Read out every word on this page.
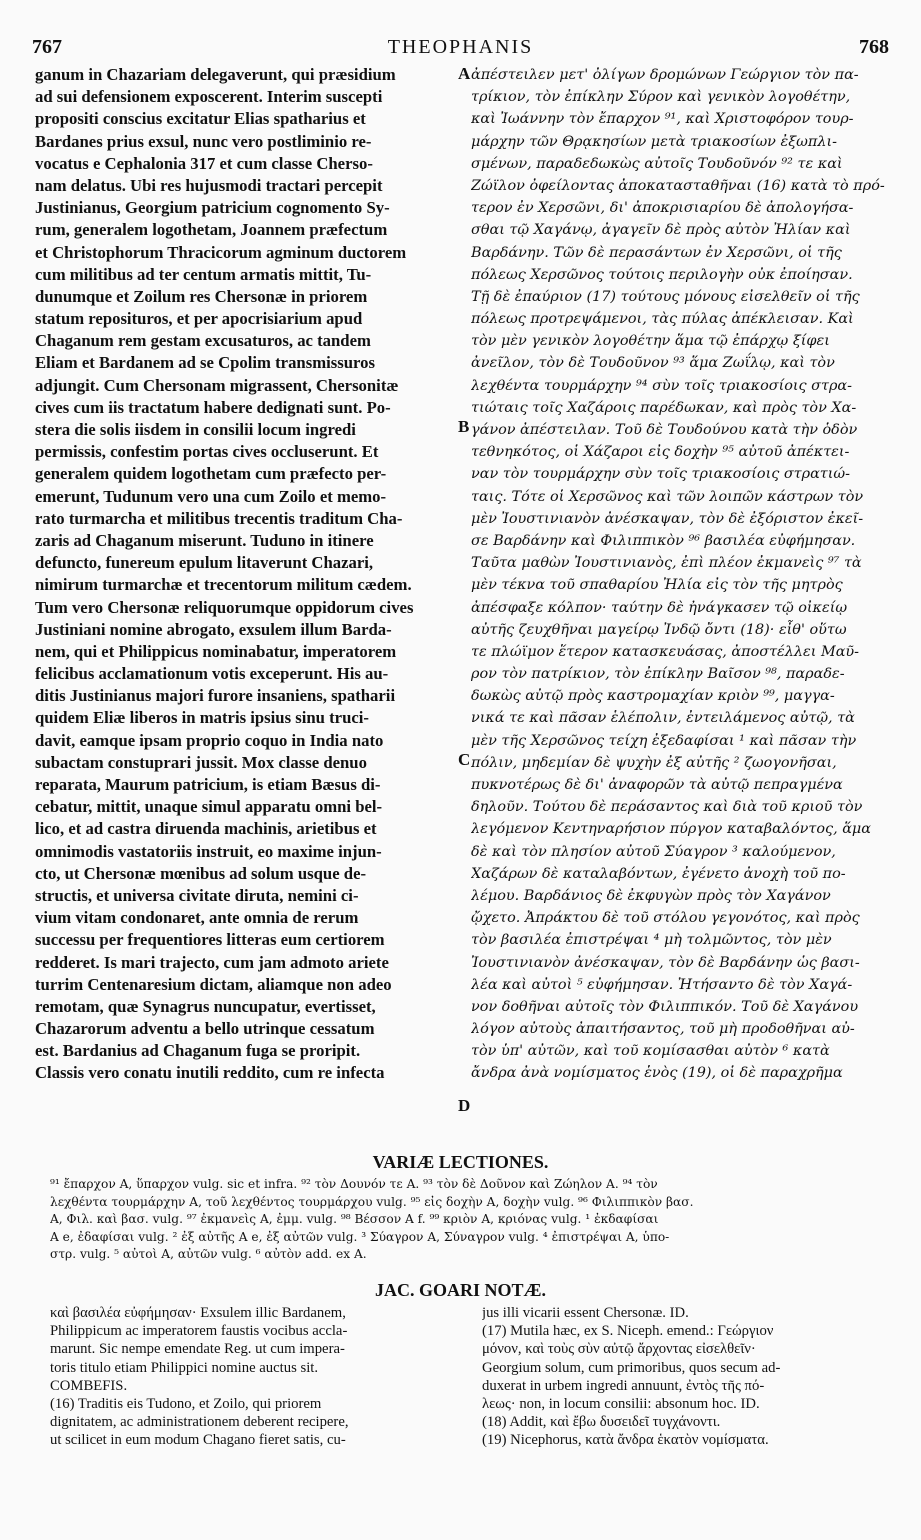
767	THEOPHANIS	768
ganum in Chazariam delegaverunt, qui præsidium
ad sui defensionem exposcerent. Interim suscepti
propositi conscius excitatur Elias spatharius et
Bardanes prius exsul, nunc vero postliminio re-
vocatus e Cephalonia 317 et cum classe Cherso-
nam delatus. Ubi res hujusmodi tractari percepit
Justinianus, Georgium patricium cognomento Sy-
rum, generalem logothetam, Joannem præfectum
et Christophorum Thracicorum agminum ductorem
cum militibus ad ter centum armatis mittit, Tu-
dunumque et Zoilum res Chersonæ in priorem
statum reposituros, et per apocrisiarium apud
Chaganum rem gestam excusaturos, ac tandem
Eliam et Bardanem ad se Cpolim transmissuros
adjungit. Cum Chersonam migrassent, Chersonitæ
cives cum iis tractatum habere dedignati sunt. Po-
stera die solis iisdem in consilii locum ingredi
permissis, confestim portas cives occluserunt. Et
generalem quidem logothetam cum præfecto per-
emerunt, Tudunum vero una cum Zoilo et memo-
rato turmarcha et militibus trecentis traditum Cha-
zaris ad Chaganum miserunt. Tuduno in itinere
defuncto, funereum epulum litaverunt Chazari,
nimirum turmarchæ et trecentorum militum cædem.
Tum vero Chersonæ reliquorumque oppidorum cives
Justiniani nomine abrogato, exsulem illum Barda-
nem, qui et Philippicus nominabatur, imperatorem
felicibus acclamationum votis exceperunt. His au-
ditis Justinianus majori furore insaniens, spatharii
quidem Eliæ liberos in matris ipsius sinu truci-
davit, eamque ipsam proprio coquo in India nato
subactam constuprari jussit. Mox classe denuo
reparata, Maurum patricium, is etiam Bæsus di-
cebatur, mittit, unaque simul apparatu omni bel-
lico, et ad castra diruenda machinis, arietibus et
omnimodis vastatoriis instruit, eo maxime injun-
cto, ut Chersonæ mœnibus ad solum usque de-
structis, et universa civitate diruta, nemini ci-
vium vitam condonaret, ante omnia de rerum
successu per frequentiores litteras eum certiorem
redderet. Is mari trajecto, cum jam admoto ariete
turrim Centenaresium dictam, aliamque non adeo
remotam, quæ Synagrus nuncupatur, evertisset,
Chazarorum adventu a bello utrinque cessatum
est. Bardanius ad Chaganum fuga se proripit.
Classis vero conatu inutili reddito, cum re infecta
ἀπέστειλεν μετ' ὀλίγων δρομώνων Γεώργιον τὸν πα-
τρίκιον, τὸν ἐπίκλην Σύρον καὶ γενικὸν λογοθέτην,
καὶ Ἰωάννην τὸν ἔπαρχον ⁹¹, καὶ Χριστοφόρον τουρ-
μάρχην τῶν Θρᾳκησίων μετὰ τριακοσίων ἐξωπλι-
σμένων, παραδεδωκὼς αὐτοῖς Τουδοῦνόν ⁹² τε καὶ
Ζώϊλον ὀφείλοντας ἀποκατασταθῆναι (16) κατὰ τὸ πρό-
τερον ἐν Χερσῶνι, δι' ἀποκρισιαρίου δὲ ἀπολογήσα-
σθαι τῷ Χαγάνῳ, ἀγαγεῖν δὲ πρὸς αὐτὸν Ἠλίαν καὶ
Βαρδάνην. Τῶν δὲ περασάντων ἐν Χερσῶνι, οἱ τῆς
πόλεως Χερσῶνος τούτοις περιλογὴν οὐκ ἐποίησαν.
Τῇ δὲ ἐπαύριον (17) τούτους μόνους εἰσελθεῖν οἱ τῆς
πόλεως προτρεψάμενοι, τὰς πύλας ἀπέκλεισαν. Καὶ
τὸν μὲν γενικὸν λογοθέτην ἅμα τῷ ἐπάρχῳ ξίφει
ἀνεῖλον, τὸν δὲ Τουδοῦνον ⁹³ ἅμα Ζωΐλῳ, καὶ τὸν
λεχθέντα τουρμάρχην ⁹⁴ σὺν τοῖς τριακοσίοις στρα-
τιώταις τοῖς Χαζάροις παρέδωκαν, καὶ πρὸς τὸν Χα-
γάνον ἀπέστειλαν. Τοῦ δὲ Τουδούνου κατὰ τὴν ὁδὸν
τεθνηκότος, οἱ Χάζαροι εἰς δοχὴν ⁹⁵ αὐτοῦ ἀπέκτει-
ναν τὸν τουρμάρχην σὺν τοῖς τριακοσίοις στρατιώ-
ταις. Τότε οἱ Χερσῶνος καὶ τῶν λοιπῶν κάστρων τὸν
μὲν Ἰουστινιανὸν ἀνέσκαψαν, τὸν δὲ ἐξόριστον ἐκεῖ-
σε Βαρδάνην καὶ Φιλιππικὸν ⁹⁶ βασιλέα εὐφήμησαν.
Ταῦτα μαθὼν Ἰουστινιανὸς, ἐπὶ πλέον ἐκμανεὶς ⁹⁷ τὰ
μὲν τέκνα τοῦ σπαθαρίου Ἠλία εἰς τὸν τῆς μητρὸς
ἀπέσφαξε κόλπον· ταύτην δὲ ἠνάγκασεν τῷ οἰκείῳ
αὐτῆς ζευχθῆναι μαγείρῳ Ἰνδῷ ὄντι (18)· εἶθ' οὕτω
τε πλώϊμον ἕτερον κατασκευάσας, ἀποστέλλει Μαῦ-
ρον τὸν πατρίκιον, τὸν ἐπίκλην Βαῖσον ⁹⁸, παραδε-
δωκὼς αὐτῷ πρὸς καστρομαχίαν κριὸν ⁹⁹, μαγγα-
νικά τε καὶ πᾶσαν ἑλέπολιν, ἐντειλάμενος αὐτῷ, τὰ
μὲν τῆς Χερσῶνος τείχη ἐξεδαφίσαι ¹ καὶ πᾶσαν τὴν
πόλιν, μηδεμίαν δὲ ψυχὴν ἐξ αὐτῆς ² ζωογονῆσαι,
πυκνοτέρως δὲ δι' ἀναφορῶν τὰ αὐτῷ πεπραγμένα
δηλοῦν. Τούτου δὲ περάσαντος καὶ διὰ τοῦ κριοῦ τὸν
λεγόμενον Κεντηναρήσιον πύργον καταβαλόντος, ἅμα
δὲ καὶ τὸν πλησίον αὐτοῦ Σύαγρον ³ καλούμενον,
Χαζάρων δὲ καταλαβόντων, ἐγένετο ἀνοχὴ τοῦ πο-
λέμου. Βαρδάνιος δὲ ἐκφυγὼν πρὸς τὸν Χαγάνον
ᾤχετο. Ἀπράκτου δὲ τοῦ στόλου γεγονότος, καὶ πρὸς
τὸν βασιλέα ἐπιστρέψαι ⁴ μὴ τολμῶντος, τὸν μὲν
Ἰουστινιανὸν ἀνέσκαψαν, τὸν δὲ Βαρδάνην ὡς βασι-
λέα καὶ αὐτοὶ ⁵ εὐφήμησαν. Ἠτήσαντο δὲ τὸν Χαγά-
νον δοθῆναι αὐτοῖς τὸν Φιλιππικόν. Τοῦ δὲ Χαγάνου
λόγον αὐτοὺς ἀπαιτήσαντος, τοῦ μὴ προδοθῆναι αὐ-
τὸν ὑπ' αὐτῶν, καὶ τοῦ κομίσασθαι αὐτὸν ⁶ κατὰ
ἄνδρα ἀνὰ νομίσματος ἑνὸς (19), οἱ δὲ παραχρῆμα
A
B
C
D
VARIÆ LECTIONES.
⁹¹ ἔπαρχον A, ὕπαρχον vulg. sic et infra. ⁹² τὸν Δουνόν τε A. ⁹³ τὸν δὲ Δοῦνον καὶ Ζώηλον A. ⁹⁴ τὸν
λεχθέντα τουρμάρχην A, τοῦ λεχθέντος τουρμάρχου vulg. ⁹⁵ εἰς δοχὴν A, δοχὴν vulg. ⁹⁶ Φιλιππικὸν βασ.
A, Φιλ. καὶ βασ. vulg. ⁹⁷ ἐκμανεὶς A, ἐμμ. vulg. ⁹⁸ Βέσσον A f. ⁹⁹ κριὸν A, κριόνας vulg. ¹ ἐκδαφίσαι
A e, ἐδαφίσαι vulg. ² ἐξ αὐτῆς A e, ἐξ αὐτῶν vulg. ³ Σύαγρον A, Σύναγρον vulg. ⁴ ἐπιστρέψαι A, ὑπο-
στρ. vulg. ⁵ αὐτοὶ A, αὐτῶν vulg. ⁶ αὐτὸν add. ex A.
JAC. GOARI NOTÆ.
καὶ βασιλέα εὐφήμησαν· Exsulem illic Bardanem,
Philippicum ac imperatorem faustis vocibus accla-
marunt. Sic nempe emendate Reg. ut cum impera-
toris titulo etiam Philippici nomine auctus sit.
COMBEFIS.
(16) Traditis eis Tudono, et Zoilo, qui priorem
dignitatem, ac administrationem deberent recipere,
ut scilicet in eum modum Chagano fieret satis, cu-
jus illi vicarii essent Chersonæ. ID.
(17) Mutila hæc, ex S. Niceph. emend.: Γεώργιον
μόνον, καὶ τοὺς σὺν αὐτῷ ἄρχοντας εἰσελθεῖν·
Georgium solum, cum primoribus, quos secum ad-
duxerat in urbem ingredi annuunt, ἐντὸς τῆς πό-
λεως· non, in locum consilii: absonum hoc. ID.
(18) Addit, καὶ ἔβω δυσειδεῖ τυγχάνοντι.
(19) Nicephorus, κατὰ ἄνδρα ἑκατὸν νομίσματα.
